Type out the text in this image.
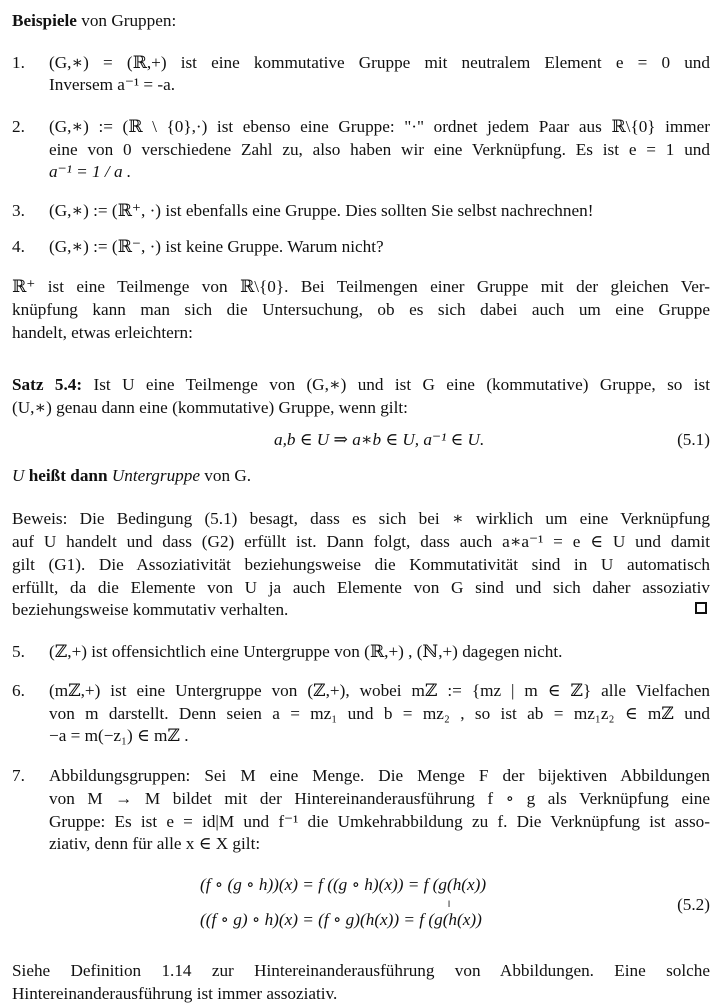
Beispiele von Gruppen:
1. (G,∗) = (ℝ,+) ist eine kommutative Gruppe mit neutralem Element e = 0 und
Inversem a⁻¹ = -a.
2. (G,∗) := (ℝ \ {0},·) ist ebenso eine Gruppe: "·" ordnet jedem Paar aus ℝ\{0} immer
eine von 0 verschiedene Zahl zu, also haben wir eine Verknüpfung. Es ist e = 1 und
a⁻¹ = 1 / a .
3. (G,∗) := (ℝ⁺, ·) ist ebenfalls eine Gruppe. Dies sollten Sie selbst nachrechnen!
4. (G,∗) := (ℝ⁻, ·) ist keine Gruppe. Warum nicht?
ℝ⁺ ist eine Teilmenge von ℝ\{0}. Bei Teilmengen einer Gruppe mit der gleichen Ver-
knüpfung kann man sich die Untersuchung, ob es sich dabei auch um eine Gruppe
handelt, etwas erleichtern:
Satz 5.4: Ist U eine Teilmenge von (G,∗) und ist G eine (kommutative) Gruppe, so ist
(U,∗) genau dann eine (kommutative) Gruppe, wenn gilt:
a,b ∈ U ⇒ a∗b ∈ U, a⁻¹ ∈ U.	(5.1)
U heißt dann Untergruppe von G.
Beweis: Die Bedingung (5.1) besagt, dass es sich bei ∗ wirklich um eine Verknüpfung
auf U handelt und dass (G2) erfüllt ist. Dann folgt, dass auch a∗a⁻¹ = e ∈ U und damit
gilt (G1). Die Assoziativität beziehungsweise die Kommutativität sind in U automatisch
erfüllt, da die Elemente von U ja auch Elemente von G sind und sich daher assoziativ
beziehungsweise kommutativ verhalten.
5. (ℤ,+) ist offensichtlich eine Untergruppe von (ℝ,+) , (ℕ,+) dagegen nicht.
6. (mℤ,+) ist eine Untergruppe von (ℤ,+), wobei mℤ := {mz | m ∈ ℤ} alle Vielfachen
von m darstellt. Denn seien a = mz₁ und b = mz₂ , so ist ab = mz₁z₂ ∈ mℤ und
−a = m(−z₁) ∈ mℤ .
7. Abbildungsgruppen: Sei M eine Menge. Die Menge F der bijektiven Abbildungen
von M → M bildet mit der Hintereinanderausführung f ∘ g als Verknüpfung eine
Gruppe: Es ist e = id|M und f⁻¹ die Umkehrabbildung zu f. Die Verknüpfung ist asso-
ziativ, denn für alle x ∈ X gilt:
(f ∘ (g ∘ h))(x) = f ((g ∘ h)(x)) = f (g(h(x))
‖
((f ∘ g) ∘ h)(x) = (f ∘ g)(h(x)) = f (g(h(x))
(5.2)
Siehe Definition 1.14 zur Hintereinanderausführung von Abbildungen. Eine solche
Hintereinanderausführung ist immer assoziativ.
